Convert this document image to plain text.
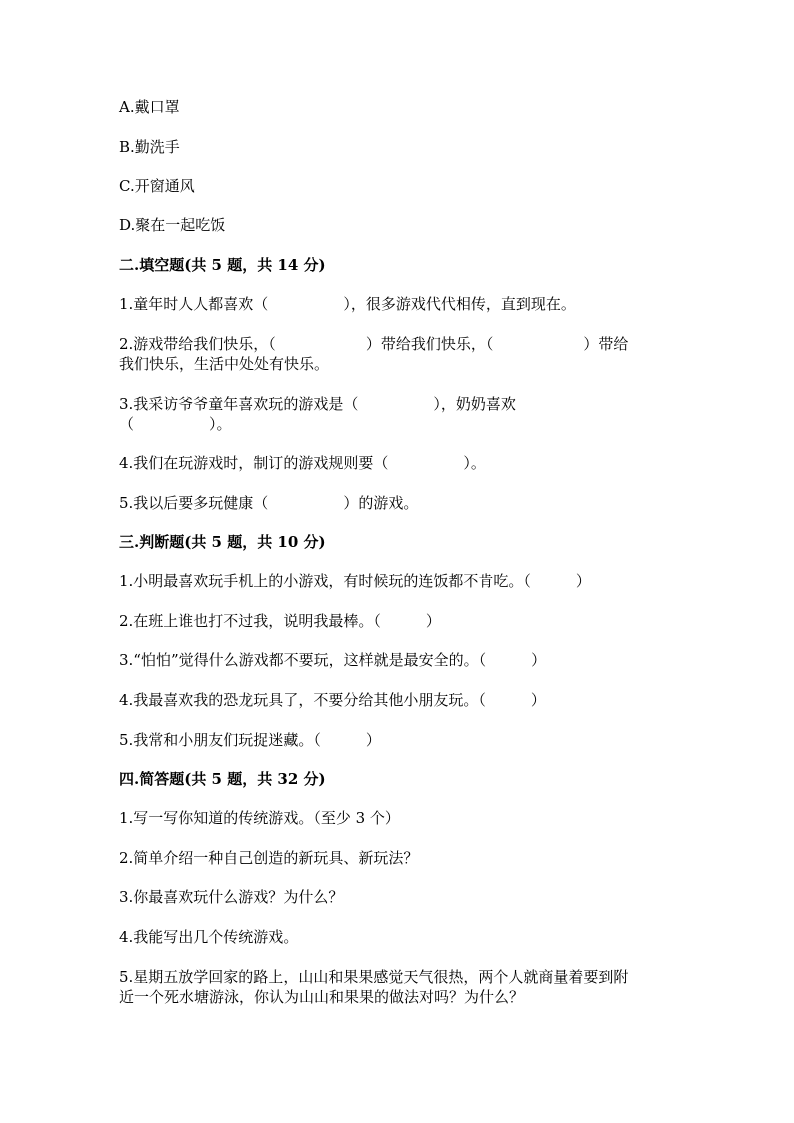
A.戴口罩
B.勤洗手
C.开窗通风
D.聚在一起吃饭
二.填空题(共 5 题，共 14 分)
1.童年时人人都喜欢（　　　　　），很多游戏代代相传，直到现在。
2.游戏带给我们快乐，（　　　　　　）带给我们快乐，（　　　　　　）带给
我们快乐，生活中处处有快乐。
3.我采访爷爷童年喜欢玩的游戏是（　　　　　），奶奶喜欢
（　　　　　）。
4.我们在玩游戏时，制订的游戏规则要（　　　　　）。
5.我以后要多玩健康（　　　　　）的游戏。
三.判断题(共 5 题，共 10 分)
1.小明最喜欢玩手机上的小游戏，有时候玩的连饭都不肯吃。（　　　）
2.在班上谁也打不过我，说明我最棒。（　　　）
3.“怕怕”觉得什么游戏都不要玩，这样就是最安全的。（　　　）
4.我最喜欢我的恐龙玩具了，不要分给其他小朋友玩。（　　　）
5.我常和小朋友们玩捉迷藏。（　　　）
四.简答题(共 5 题，共 32 分)
1.写一写你知道的传统游戏。（至少 3 个）
2.简单介绍一种自己创造的新玩具、新玩法？
3.你最喜欢玩什么游戏？为什么？
4.我能写出几个传统游戏。
5.星期五放学回家的路上，山山和果果感觉天气很热，两个人就商量着要到附
近一个死水塘游泳，你认为山山和果果的做法对吗？为什么？
